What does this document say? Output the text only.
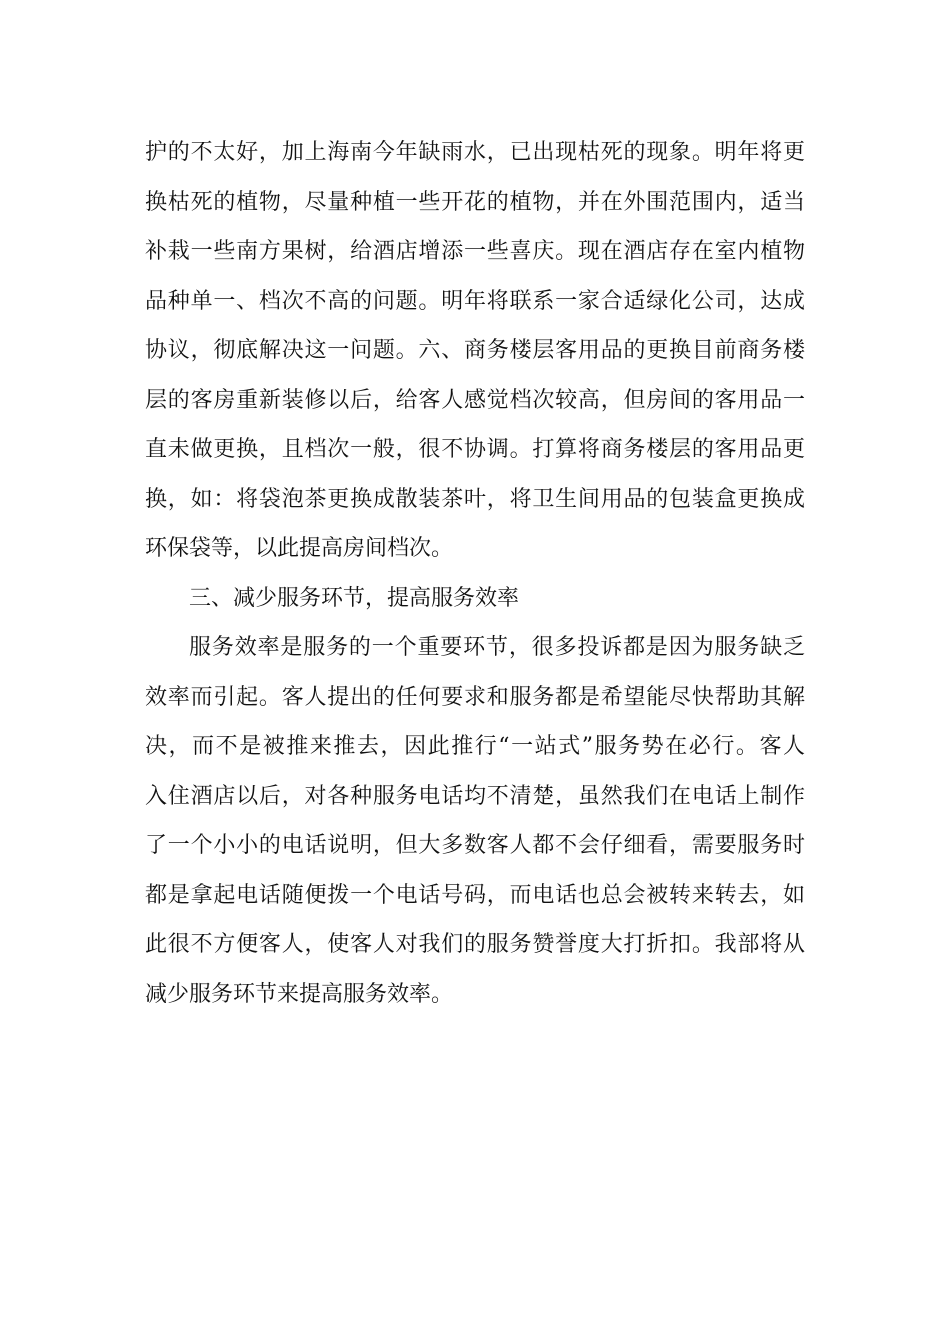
护的不太好，加上海南今年缺雨水，已出现枯死的现象。明年将更
换枯死的植物，尽量种植一些开花的植物，并在外围范围内，适当
补栽一些南方果树，给酒店增添一些喜庆。现在酒店存在室内植物
品种单一、档次不高的问题。明年将联系一家合适绿化公司，达成
协议，彻底解决这一问题。六、商务楼层客用品的更换目前商务楼
层的客房重新装修以后，给客人感觉档次较高，但房间的客用品一
直未做更换，且档次一般，很不协调。打算将商务楼层的客用品更
换，如：将袋泡茶更换成散装茶叶，将卫生间用品的包装盒更换成
环保袋等，以此提高房间档次。
三、减少服务环节，提高服务效率
服务效率是服务的一个重要环节，很多投诉都是因为服务缺乏
效率而引起。客人提出的任何要求和服务都是希望能尽快帮助其解
决，而不是被推来推去，因此推行“一站式”服务势在必行。客人
入住酒店以后，对各种服务电话均不清楚，虽然我们在电话上制作
了一个小小的电话说明，但大多数客人都不会仔细看，需要服务时
都是拿起电话随便拨一个电话号码，而电话也总会被转来转去，如
此很不方便客人，使客人对我们的服务赞誉度大打折扣。我部将从
减少服务环节来提高服务效率。
